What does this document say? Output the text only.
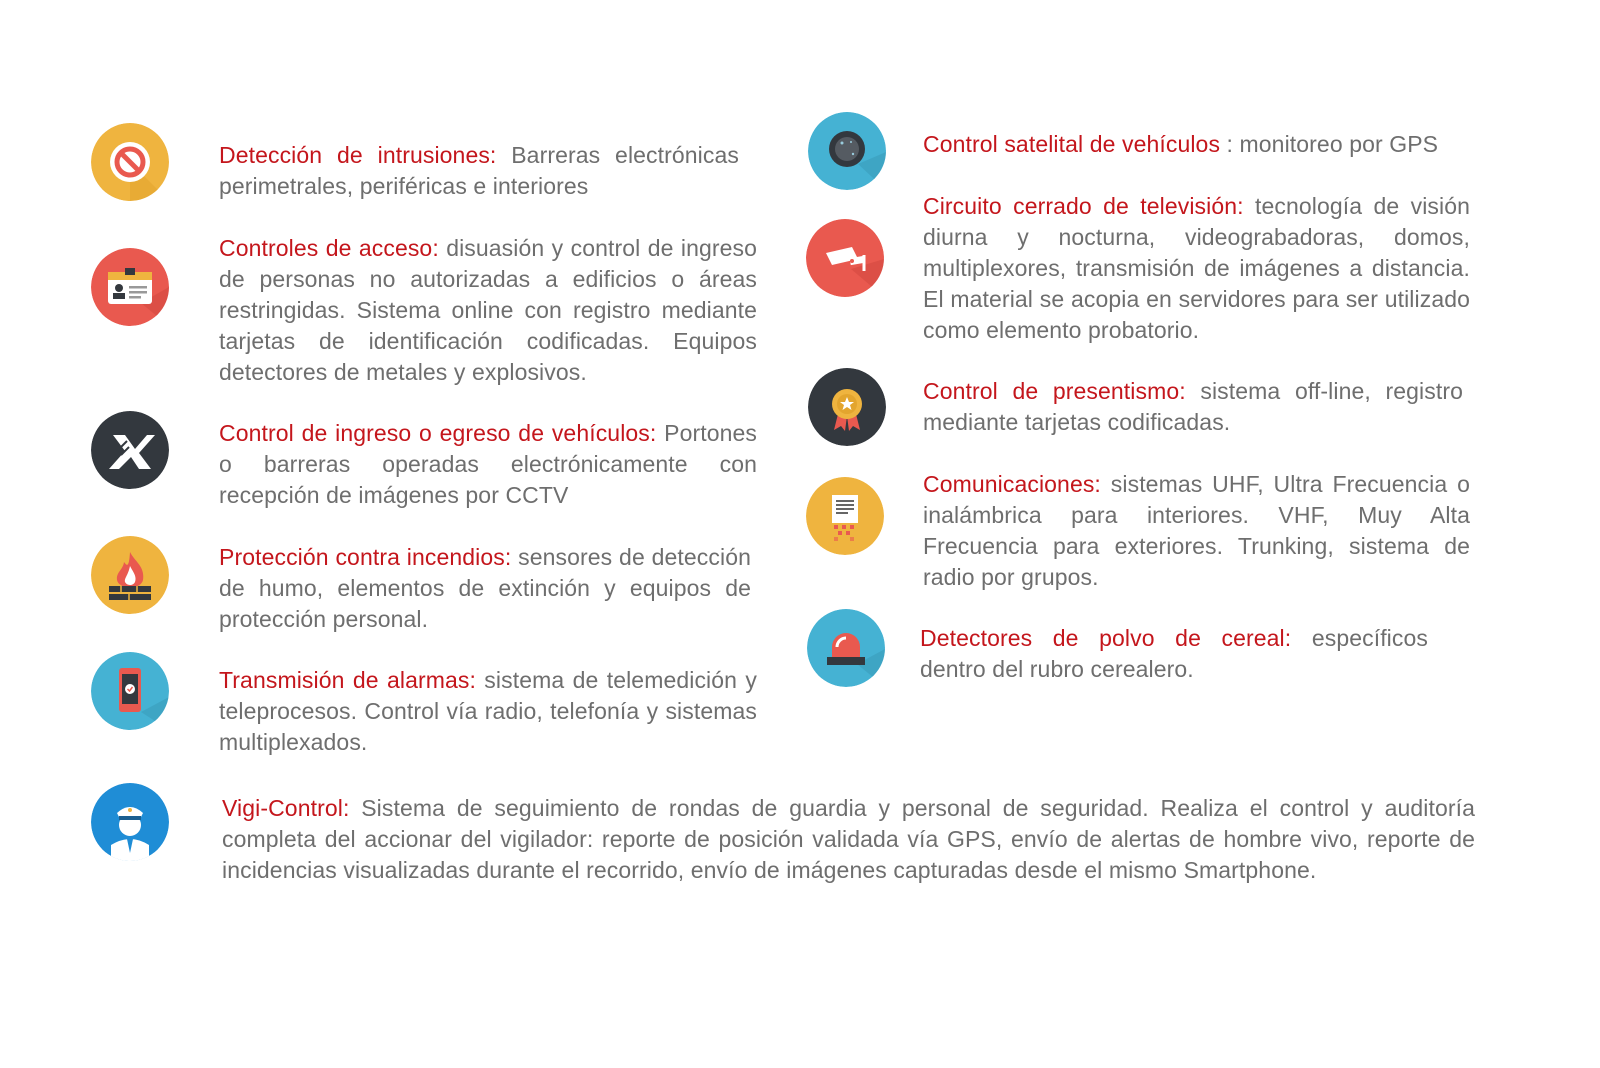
Detección de intrusiones: Barreras electrónicas perimetrales, periféricas e interiores
Controles de acceso: disuasión y control de ingreso de personas no autorizadas a edificios o áreas restringidas. Sistema online con registro mediante tarjetas de identificación codificadas. Equipos detectores de metales y explosivos.
Control de ingreso o egreso de vehículos: Portones o barreras operadas electrónicamente con recepción de imágenes por CCTV
Protección contra incendios: sensores de detección de humo, elementos de extinción y equipos de protección personal.
Transmisión de alarmas: sistema de telemedición y teleprocesos. Control vía radio, telefonía y sistemas multiplexados.
Control satelital de vehículos : monitoreo por GPS
Circuito cerrado de televisión: tecnología de visión diurna y nocturna, videograbadoras, domos, multiplexores, transmisión de imágenes a distancia. El material se acopia en servidores para ser utilizado como elemento probatorio.
Control de presentismo: sistema off-line, registro mediante tarjetas codificadas.
Comunicaciones: sistemas UHF, Ultra Frecuencia o inalámbrica para interiores. VHF, Muy Alta Frecuencia para exteriores. Trunking, sistema de radio por grupos.
Detectores de polvo de cereal: específicos dentro del rubro cerealero.
Vigi-Control: Sistema de seguimiento de rondas de guardia y personal de seguridad. Realiza el control y auditoría completa del accionar del vigilador: reporte de posición validada vía GPS, envío de alertas de hombre vivo, reporte de incidencias visualizadas durante el recorrido, envío de imágenes capturadas desde el mismo Smartphone.
